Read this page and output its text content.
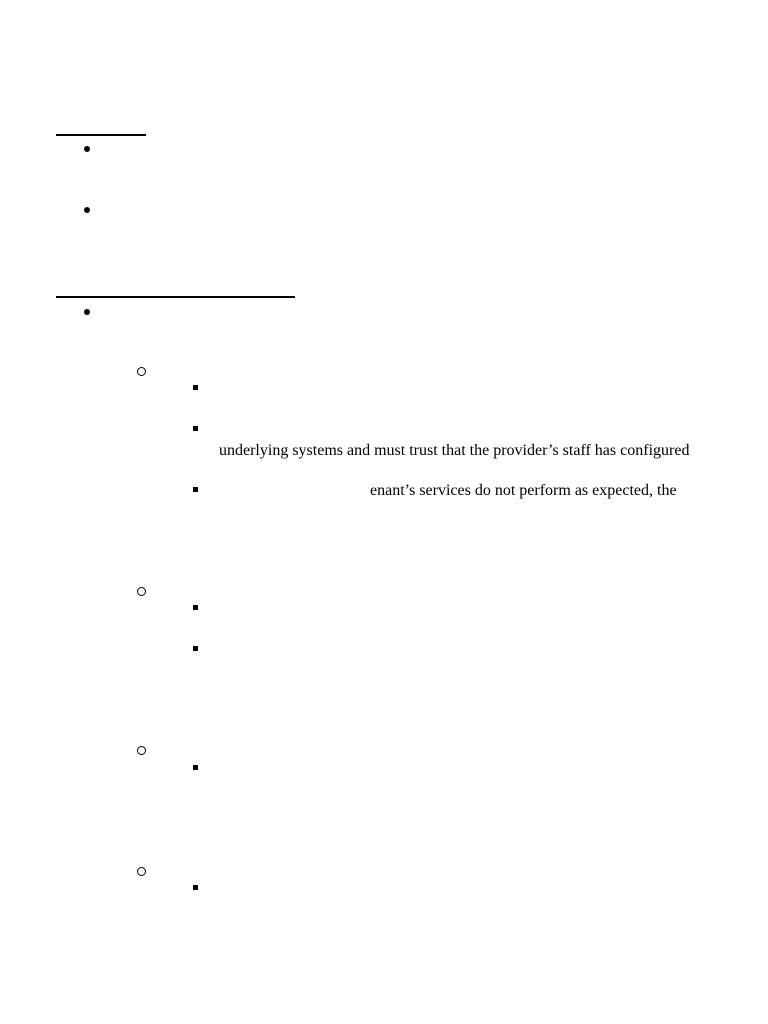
underlying systems and must trust that the provider’s staff has configured
enant’s services do not perform as expected, the
